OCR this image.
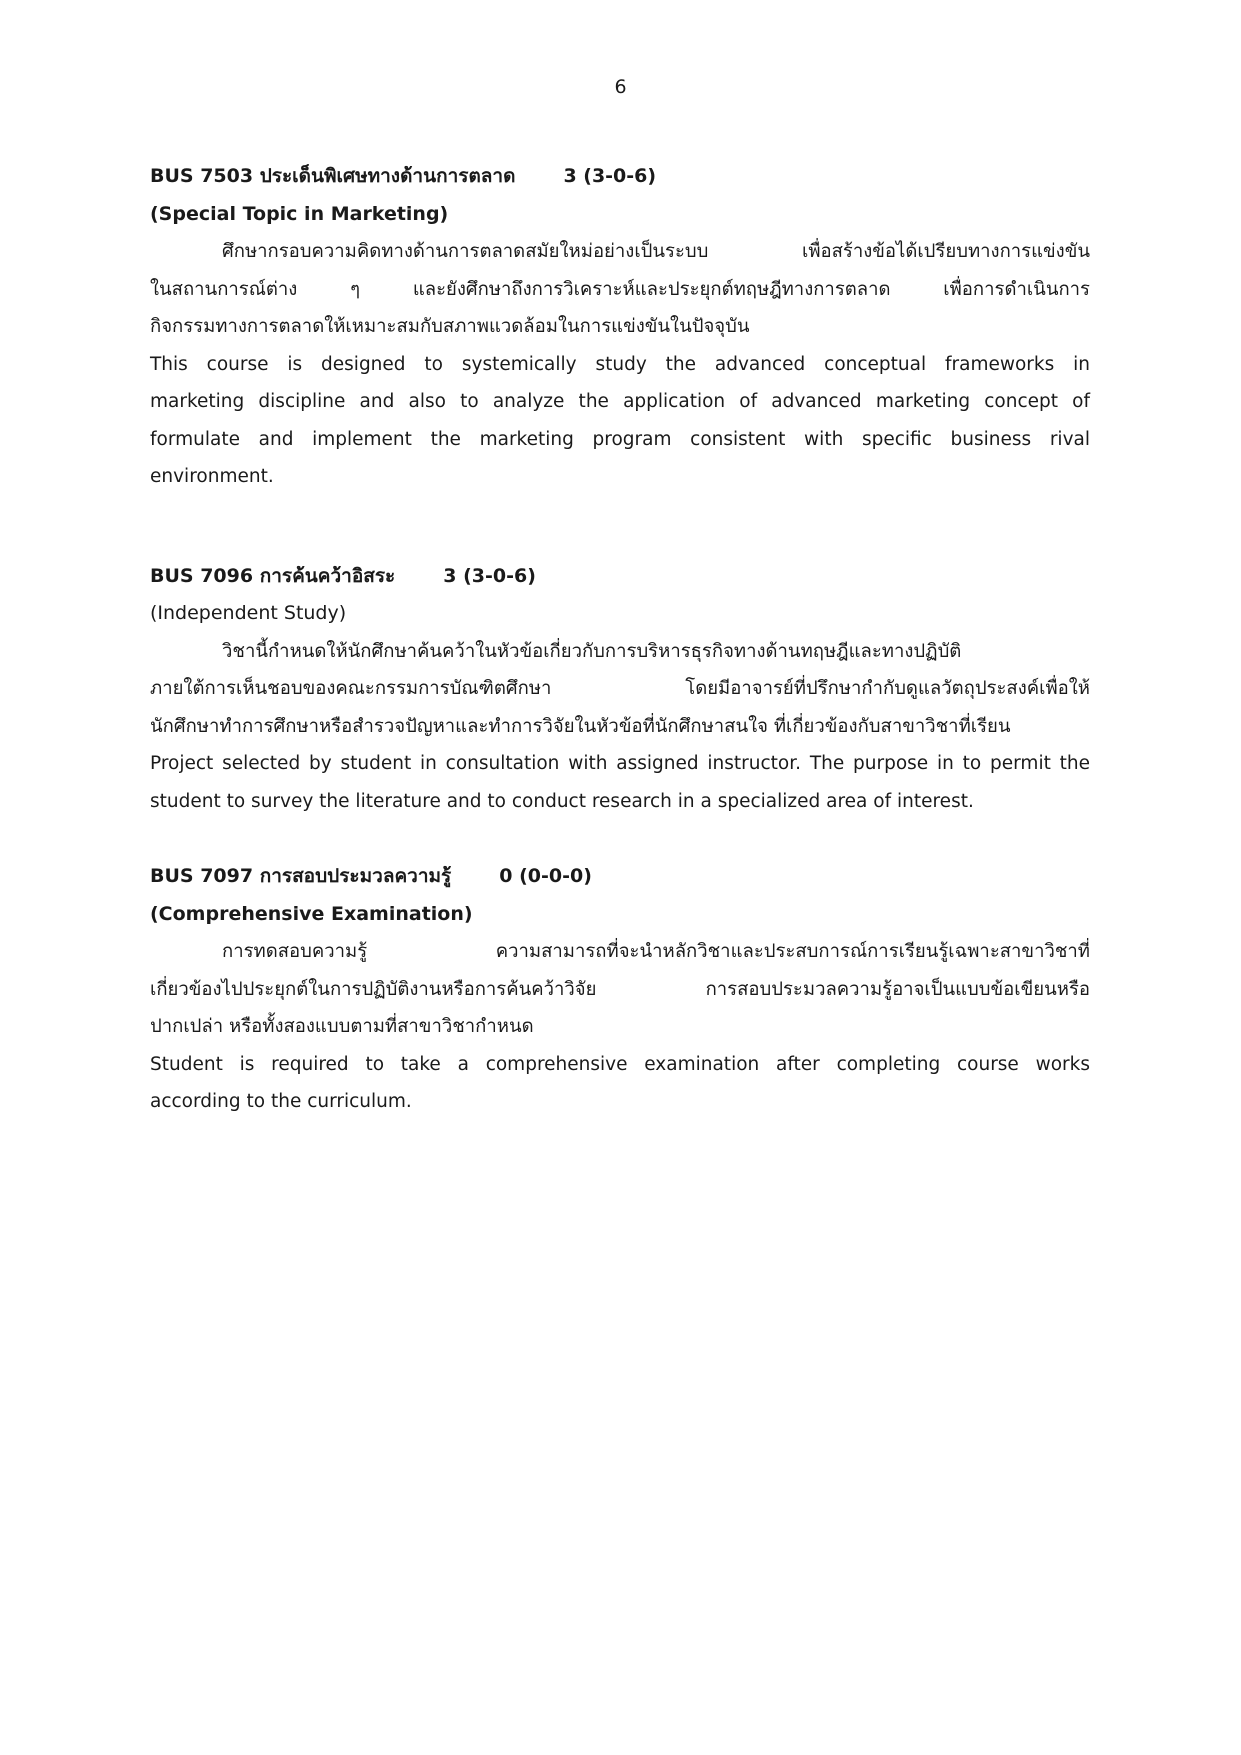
6
BUS 7503 ประเด็นพิเศษทางด้านการตลาด	3 (3-0-6)
(Special Topic in Marketing)
ศึกษากรอบความคิดทางด้านการตลาดสมัยใหม่อย่างเป็นระบบ เพื่อสร้างข้อได้เปรียบทางการแข่งขัน
ในสถานการณ์ต่าง ๆ และยังศึกษาถึงการวิเคราะห์และประยุกต์ทฤษฎีทางการตลาด เพื่อการดำเนินการ
กิจกรรมทางการตลาดให้เหมาะสมกับสภาพแวดล้อมในการแข่งขันในปัจจุบัน
This course is designed to systemically study the advanced conceptual frameworks in
marketing discipline and also to analyze the application of advanced marketing concept of
formulate and implement the marketing program consistent with specific business rival
environment.
BUS 7096 การค้นคว้าอิสระ	3 (3-0-6)
(Independent Study)
วิชานี้กำหนดให้นักศึกษาค้นคว้าในหัวข้อเกี่ยวกับการบริหารธุรกิจทางด้านทฤษฎีและทางปฏิบัติ
ภายใต้การเห็นชอบของคณะกรรมการบัณฑิตศึกษา โดยมีอาจารย์ที่ปรึกษากำกับดูแลวัตถุประสงค์เพื่อให้
นักศึกษาทำการศึกษาหรือสำรวจปัญหาและทำการวิจัยในหัวข้อที่นักศึกษาสนใจ ที่เกี่ยวข้องกับสาขาวิชาที่เรียน
Project selected by student in consultation with assigned instructor. The purpose in to permit the
student to survey the literature and to conduct research in a specialized area of interest.
BUS 7097 การสอบประมวลความรู้	0 (0-0-0)
(Comprehensive Examination)
การทดสอบความรู้ ความสามารถที่จะนำหลักวิชาและประสบการณ์การเรียนรู้เฉพาะสาขาวิชาที่
เกี่ยวข้องไปประยุกต์ในการปฏิบัติงานหรือการค้นคว้าวิจัย การสอบประมวลความรู้อาจเป็นแบบข้อเขียนหรือ
ปากเปล่า หรือทั้งสองแบบตามที่สาขาวิชากำหนด
Student is required to take a comprehensive examination after completing course works
according to the curriculum.
